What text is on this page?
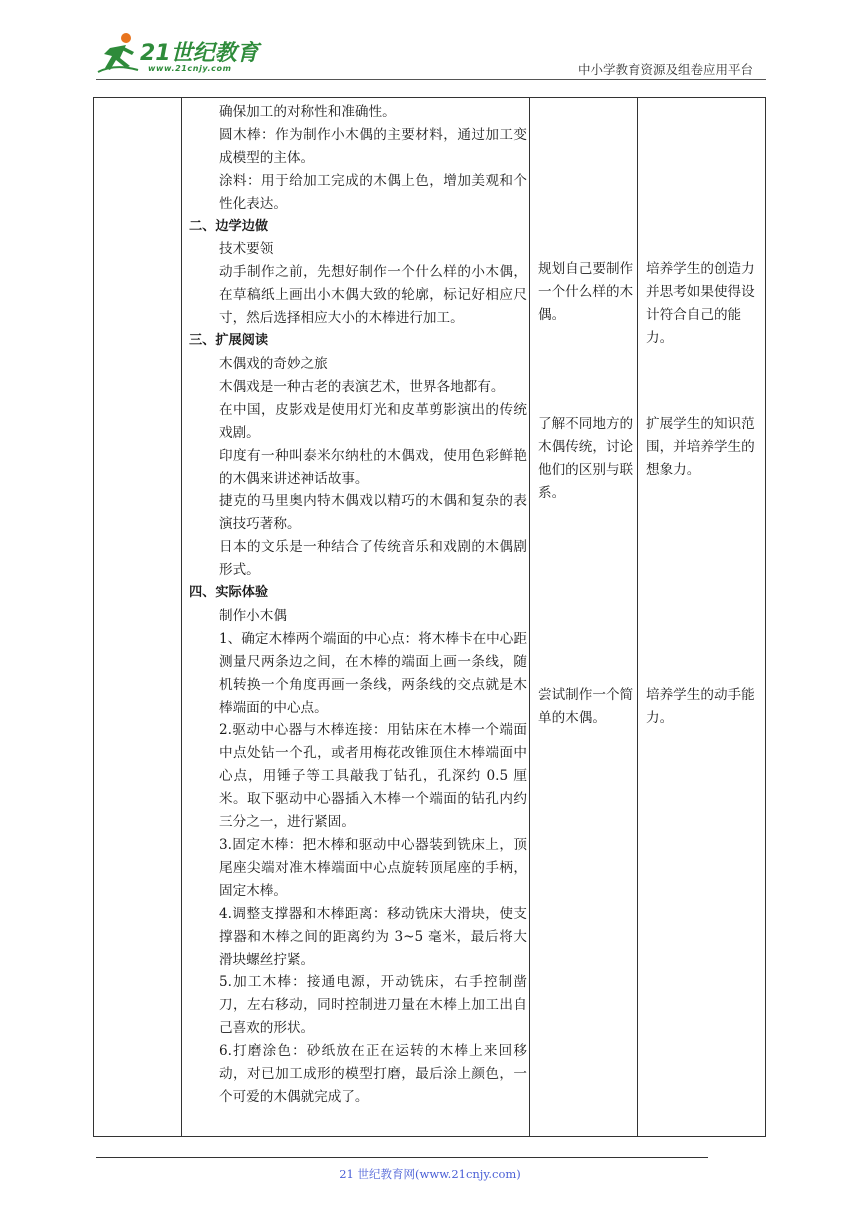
21世纪教育
www.21cnjy.com	中小学教育资源及组卷应用平台

确保加工的对称性和准确性。

圆木棒：作为制作小木偶的主要材料，通过加工变成模型的主体。

涂料：用于给加工完成的木偶上色，增加美观和个性化表达。

二、边学边做

技术要领

动手制作之前，先想好制作一个什么样的小木偶，在草稿纸上画出小木偶大致的轮廓，标记好相应尺寸，然后选择相应大小的木棒进行加工。

三、扩展阅读

木偶戏的奇妙之旅

木偶戏是一种古老的表演艺术，世界各地都有。

在中国，皮影戏是使用灯光和皮革剪影演出的传统戏剧。

印度有一种叫泰米尔纳杜的木偶戏，使用色彩鲜艳的木偶来讲述神话故事。

捷克的马里奥内特木偶戏以精巧的木偶和复杂的表演技巧著称。

日本的文乐是一种结合了传统音乐和戏剧的木偶剧形式。

四、实际体验

制作小木偶

1、确定木棒两个端面的中心点：将木棒卡在中心距测量尺两条边之间，在木棒的端面上画一条线，随机转换一个角度再画一条线，两条线的交点就是木棒端面的中心点。

2.驱动中心器与木棒连接：用钻床在木棒一个端面中点处钻一个孔，或者用梅花改锥顶住木棒端面中心点，用锤子等工具敲我丁钻孔，孔深约 0.5 厘米。取下驱动中心器插入木棒一个端面的钻孔内约三分之一，进行紧固。

3.固定木棒：把木棒和驱动中心器装到铣床上，顶尾座尖端对准木棒端面中心点旋转顶尾座的手柄，固定木棒。

4.调整支撑器和木棒距离：移动铣床大滑块，使支撑器和木棒之间的距离约为 3~5 毫米，最后将大滑块螺丝拧紧。

5.加工木棒：接通电源，开动铣床，右手控制凿刀，左右移动，同时控制进刀量在木棒上加工出自己喜欢的形状。

6.打磨涂色：砂纸放在正在运转的木棒上来回移动，对已加工成形的模型打磨，最后涂上颜色，一个可爱的木偶就完成了。

规划自己要制作一个什么样的木偶。

了解不同地方的木偶传统，讨论他们的区别与联系。

尝试制作一个简单的木偶。

培养学生的创造力并思考如果使得设计符合自己的能力。

扩展学生的知识范围，并培养学生的想象力。

培养学生的动手能力。

21 世纪教育网(www.21cnjy.com)
